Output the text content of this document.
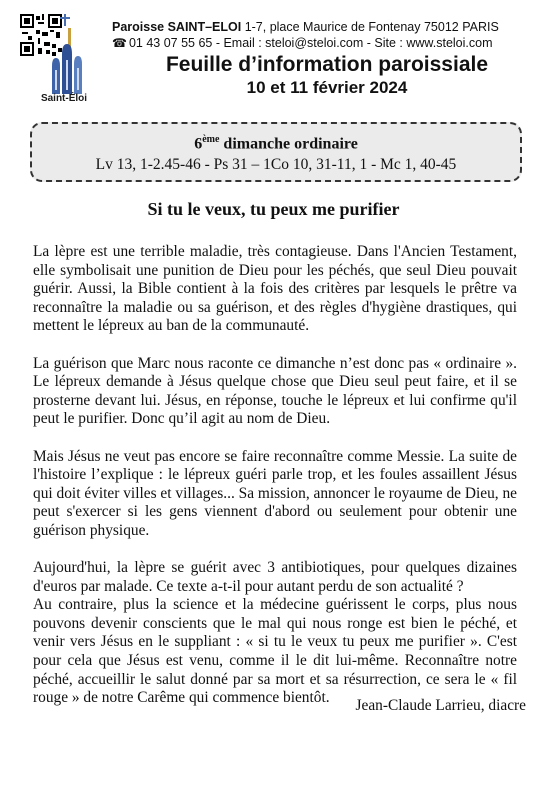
Saint-Éloi
Paroisse SAINT–ELOI 1-7, place Maurice de Fontenay 75012 PARIS
☎ 01 43 07 55 65 - Email : steloi@steloi.com - Site : www.steloi.com
Feuille d’information paroissiale
10 et 11 février 2024
6ème dimanche ordinaire
Lv 13, 1-2.45-46 - Ps 31 – 1Co 10, 31-11, 1 - Mc 1, 40-45
Si tu le veux, tu peux me purifier

La lèpre est une terrible maladie, très contagieuse. Dans l'Ancien Testament, elle symbolisait une punition de Dieu pour les péchés, que seul Dieu pouvait guérir. Aussi, la Bible contient à la fois des critères par lesquels le prêtre va reconnaître la maladie ou sa guérison, et des règles d'hygiène drastiques, qui mettent le lépreux au ban de la communauté.

La guérison que Marc nous raconte ce dimanche n’est donc pas « ordinaire ». Le lépreux demande à Jésus quelque chose que Dieu seul peut faire, et il se prosterne devant lui. Jésus, en réponse, touche le lépreux et lui confirme qu'il peut le purifier. Donc qu’il agit au nom de Dieu.

Mais Jésus ne veut pas encore se faire reconnaître comme Messie. La suite de l'histoire l’explique : le lépreux guéri parle trop, et les foules assaillent Jésus qui doit éviter villes et villages... Sa mission, annoncer le royaume de Dieu, ne peut s'exercer si les gens viennent d'abord ou seulement pour obtenir une guérison physique.

Aujourd'hui, la lèpre se guérit avec 3 antibiotiques, pour quelques dizaines d'euros par malade. Ce texte a-t-il pour autant perdu de son actualité ?

Au contraire, plus la science et la médecine guérissent le corps, plus nous pouvons devenir conscients que le mal qui nous ronge est bien le péché, et venir vers Jésus en le suppliant : « si tu le veux tu peux me purifier ». C'est pour cela que Jésus est venu, comme il le dit lui-même. Reconnaître notre péché, accueillir le salut donné par sa mort et sa résurrection, ce sera le « fil rouge » de notre Carême qui commence bientôt.	Jean-Claude Larrieu, diacre
